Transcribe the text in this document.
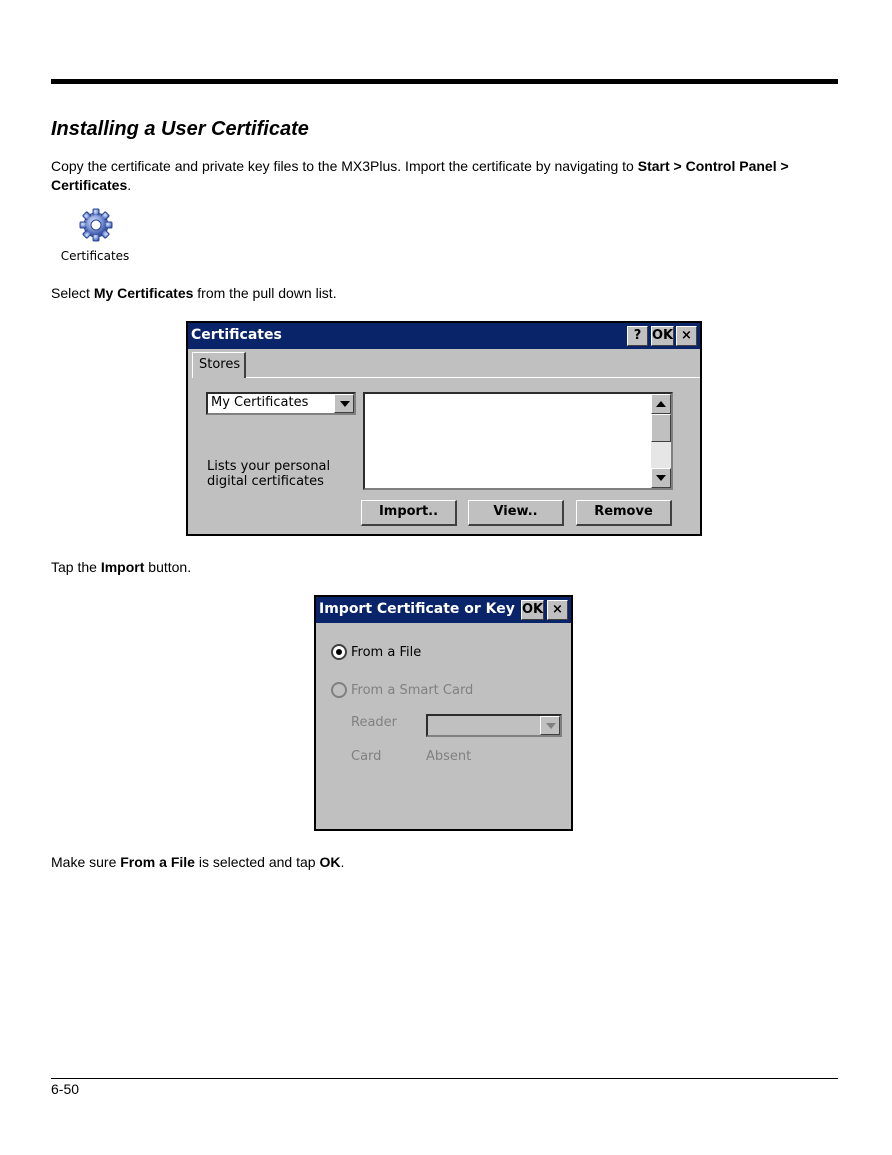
Installing a User Certificate

Copy the certificate and private key files to the MX3Plus. Import the certificate by navigating to Start > Control Panel > Certificates.

Certificates

Select My Certificates from the pull down list.

Certificates	? OK ×
Stores
My Certificates
Lists your personal digital certificates
Import..	View..	Remove

Tap the Import button.

Import Certificate or Key OK ×
From a File
From a Smart Card
Reader
Card	Absent

Make sure From a File is selected and tap OK.

6-50
